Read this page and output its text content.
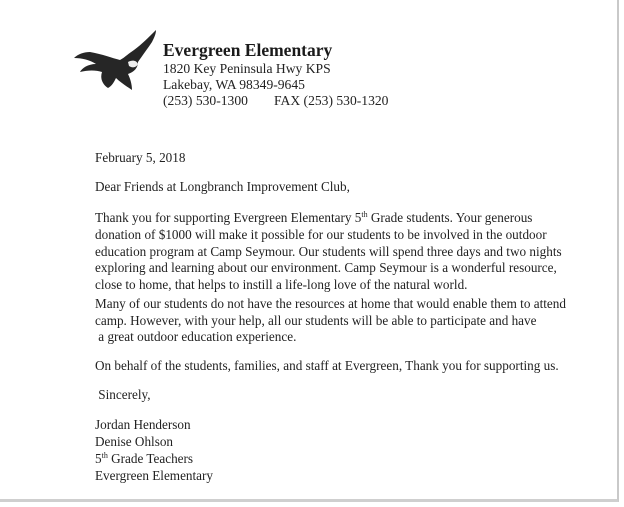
Evergreen Elementary
1820 Key Peninsula Hwy KPS
Lakebay, WA 98349-9645
(253) 530-1300 FAX (253) 530-1320
February 5, 2018
Dear Friends at Longbranch Improvement Club,
Thank you for supporting Evergreen Elementary 5th Grade students. Your generous
donation of $1000 will make it possible for our students to be involved in the outdoor
education program at Camp Seymour. Our students will spend three days and two nights
exploring and learning about our environment. Camp Seymour is a wonderful resource,
close to home, that helps to instill a life-long love of the natural world.
Many of our students do not have the resources at home that would enable them to attend
camp. However, with your help, all our students will be able to participate and have
a great outdoor education experience.
On behalf of the students, families, and staff at Evergreen, Thank you for supporting us.
Sincerely,
Jordan Henderson
Denise Ohlson
5th Grade Teachers
Evergreen Elementary
